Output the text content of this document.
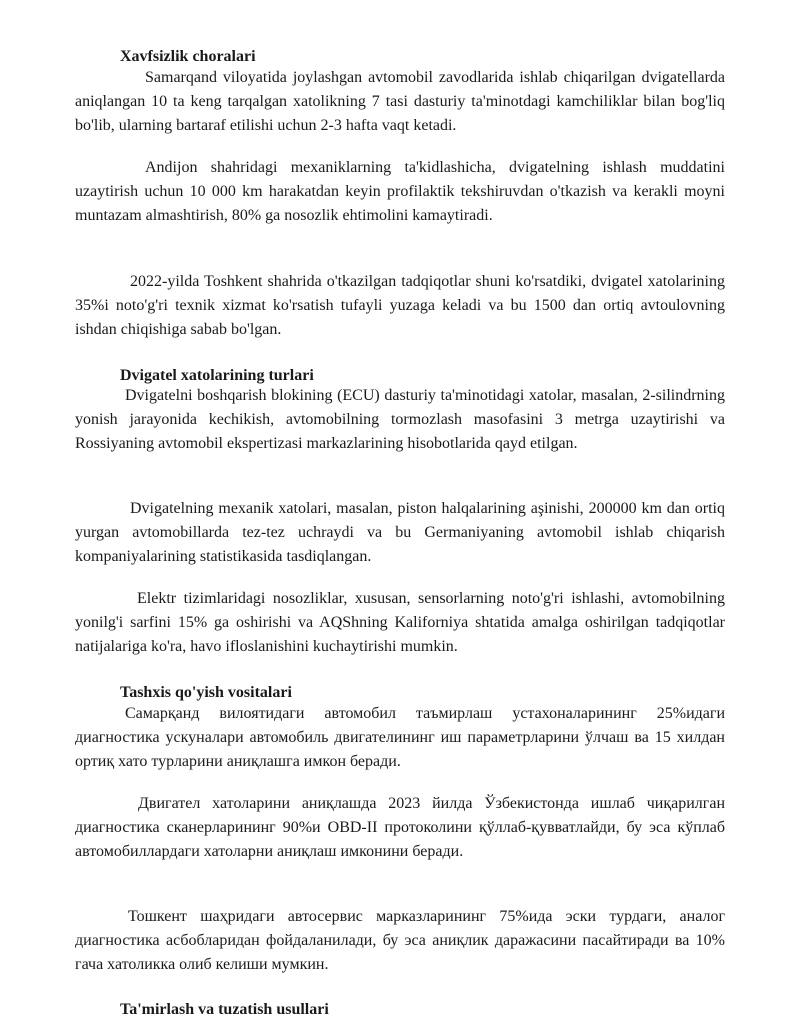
Xavfsizlik choralari

Samarqand viloyatida joylashgan avtomobil zavodlarida ishlab chiqarilgan dvigatellarda aniqlangan 10 ta keng tarqalgan xatolikning 7 tasi dasturiy ta'minotdagi kamchiliklar bilan bog'liq bo'lib, ularning bartaraf etilishi uchun 2-3 hafta vaqt ketadi.

Andijon shahridagi mexaniklarning ta'kidlashicha, dvigatelning ishlash muddatini uzaytirish uchun 10 000 km harakatdan keyin profilaktik tekshiruvdan o'tkazish va kerakli moyni muntazam almashtirish, 80% ga nosozlik ehtimolini kamaytiradi.

2022-yilda Toshkent shahrida o'tkazilgan tadqiqotlar shuni ko'rsatdiki, dvigatel xatolarining 35%i noto'g'ri texnik xizmat ko'rsatish tufayli yuzaga keladi va bu 1500 dan ortiq avtoulovning ishdan chiqishiga sabab bo'lgan.

Dvigatel xatolarining turlari

Dvigatelni boshqarish blokining (ECU) dasturiy ta'minotidagi xatolar, masalan, 2-silindrning yonish jarayonida kechikish, avtomobilning tormozlash masofasini 3 metrga uzaytirishi va Rossiyaning avtomobil ekspertizasi markazlarining hisobotlarida qayd etilgan.

Dvigatelning mexanik xatolari, masalan, piston halqalarining aşinishi, 200000 km dan ortiq yurgan avtomobillarda tez-tez uchraydi va bu Germaniyaning avtomobil ishlab chiqarish kompaniyalarining statistikasida tasdiqlangan.

Elektr tizimlaridagi nosozliklar, xususan, sensorlarning noto'g'ri ishlashi, avtomobilning yonilg'i sarfini 15% ga oshirishi va AQShning Kaliforniya shtatida amalga oshirilgan tadqiqotlar natijalariga ko'ra, havo ifloslanishini kuchaytirishi mumkin.

Tashxis qo'yish vositalari

Самарқанд вилоятидаги автомобил таъмирлаш устахоналарининг 25%идаги диагностика ускуналари автомобиль двигателининг иш параметрларини ўлчаш ва 15 хилдан ортиқ хато турларини аниқлашга имкон беради.

Двигател хатоларини аниқлашда 2023 йилда Ўзбекистонда ишлаб чиқарилган диагностика сканерларининг 90%и OBD-II протоколини қўллаб-қувватлайди, бу эса кўплаб автомобиллардаги хатоларни аниқлаш имконини беради.

Тошкент шаҳридаги автосервис марказларининг 75%ида эски турдаги, аналог диагностика асбобларидан фойдаланилади, бу эса аниқлик даражасини пасайтиради ва 10% гача хатоликка олиб келиши мумкин.

Ta'mirlash va tuzatish usullari
